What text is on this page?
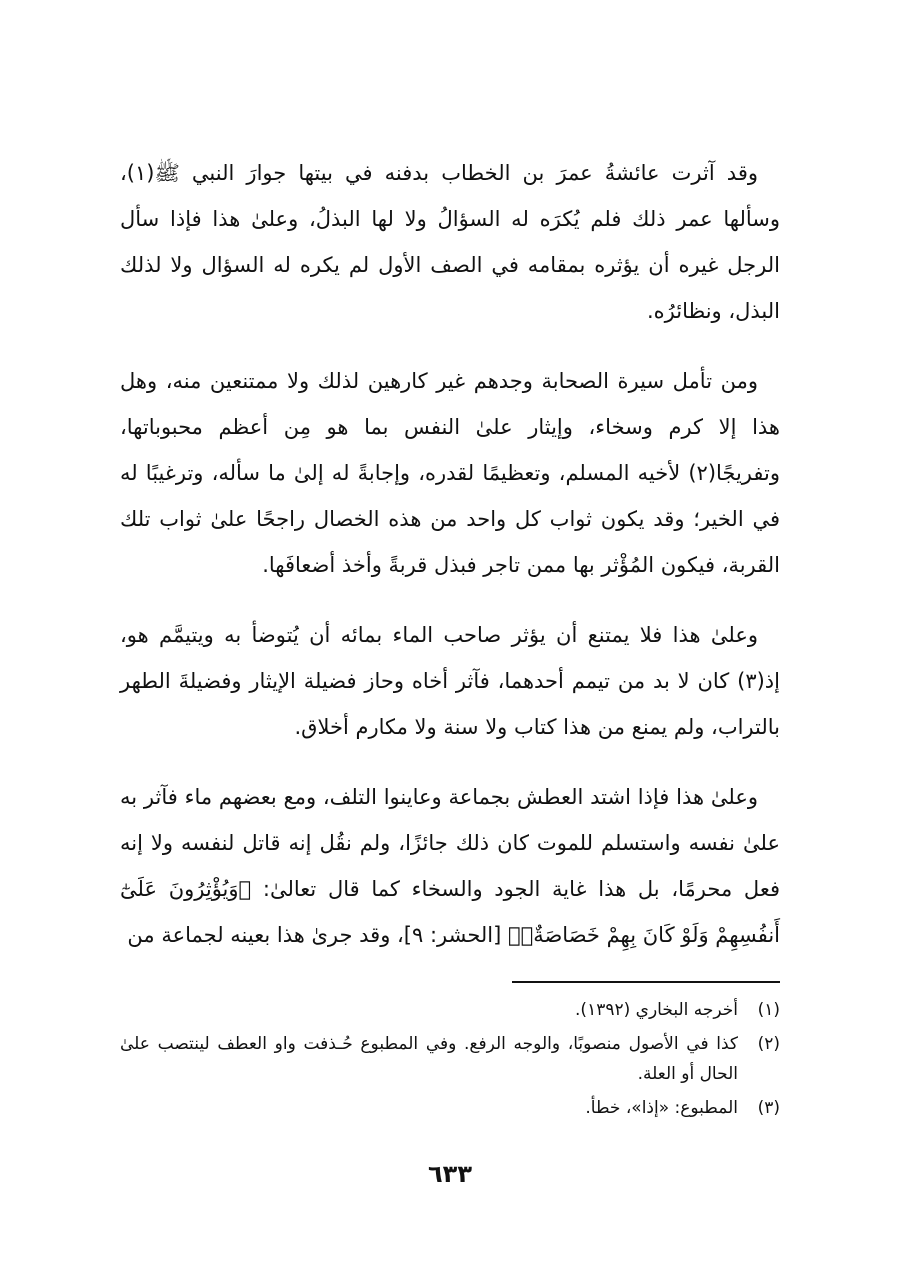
وقد آثرت عائشةُ عمرَ بن الخطاب بدفنه في بيتها جوارَ النبي ﷺ(١)، وسألها عمر ذلك فلم يُكرَه له السؤالُ ولا لها البذلُ، وعلىٰ هذا فإذا سأل الرجل غيره أن يؤثره بمقامه في الصف الأول لم يكره له السؤال ولا لذلك البذل، ونظائرُه.

ومن تأمل سيرة الصحابة وجدهم غير كارهين لذلك ولا ممتنعين منه، وهل هذا إلا كرم وسخاء، وإيثار علىٰ النفس بما هو مِن أعظم محبوباتها، وتفريجًا(٢) لأخيه المسلم، وتعظيمًا لقدره، وإجابةً له إلىٰ ما سأله، وترغيبًا له في الخير؛ وقد يكون ثواب كل واحد من هذه الخصال راجحًا علىٰ ثواب تلك القربة، فيكون المُؤْثر بها ممن تاجر فبذل قربةً وأخذ أضعافَها.

وعلىٰ هذا فلا يمتنع أن يؤثر صاحب الماء بمائه أن يُتوضأ به ويتيمَّم هو، إذ(٣) كان لا بد من تيمم أحدهما، فآثر أخاه وحاز فضيلة الإيثار وفضيلةَ الطهر بالتراب، ولم يمنع من هذا كتاب ولا سنة ولا مكارم أخلاق.

وعلىٰ هذا فإذا اشتد العطش بجماعة وعاينوا التلف، ومع بعضهم ماء فآثر به علىٰ نفسه واستسلم للموت كان ذلك جائزًا، ولم نقُل إنه قاتل لنفسه ولا إنه فعل محرمًا، بل هذا غاية الجود والسخاء كما قال تعالىٰ: ﴿وَيُؤْثِرُونَ عَلَىٰٓ أَنفُسِهِمْ وَلَوْ كَانَ بِهِمْ خَصَاصَةٌۚ﴾ [الحشر: ٩]، وقد جرىٰ هذا بعينه لجماعة من

(١)
أخرجه البخاري (١٣٩٢).
(٢)
كذا في الأصول منصوبًا، والوجه الرفع. وفي المطبوع حُـذفت واو العطف لينتصب علىٰ الحال أو العلة.
(٣)
المطبوع: «إذا»، خطأ.
٦٣٣
